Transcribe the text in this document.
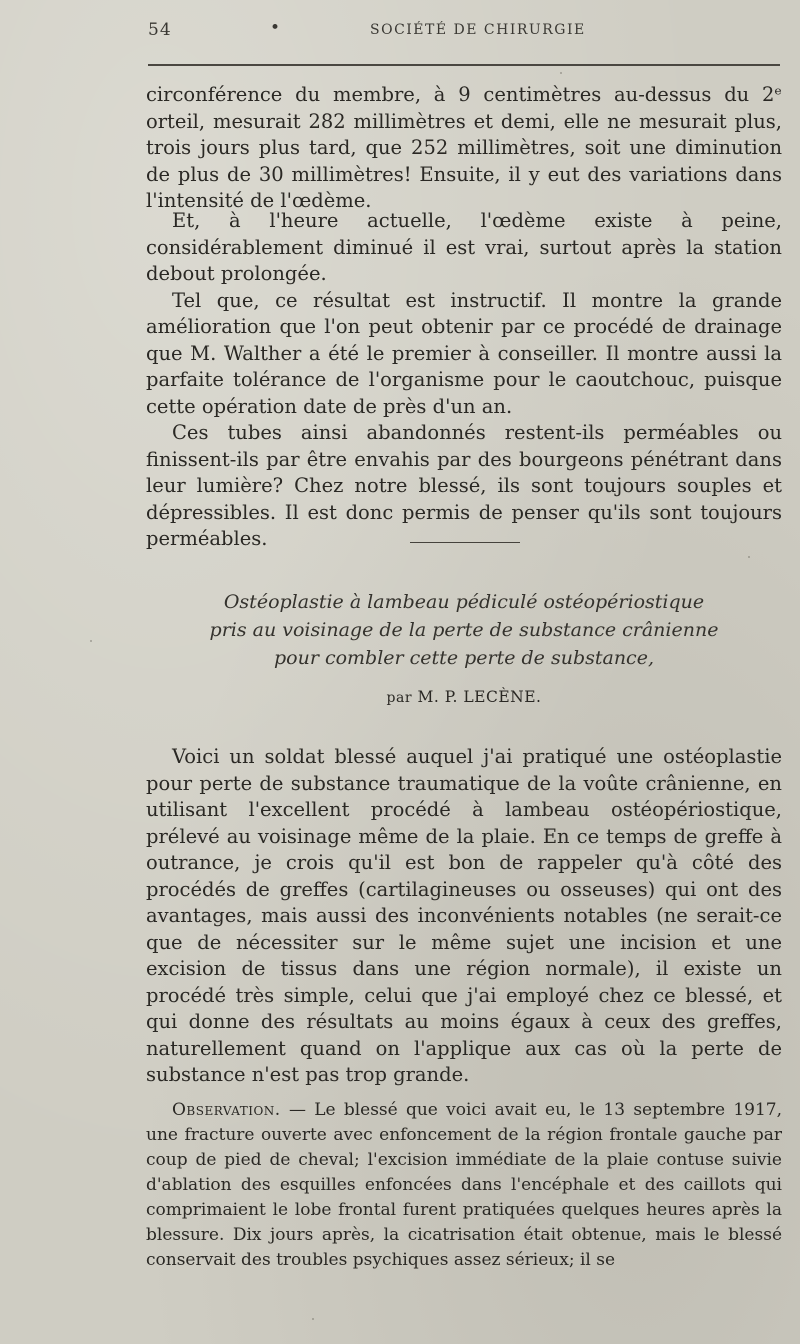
54	•	SOCIÉTÉ DE CHIRURGIE

circonférence du membre, à 9 centimètres au-dessus du 2ᵉ orteil, mesurait 282 millimètres et demi, elle ne mesurait plus, trois jours plus tard, que 252 millimètres, soit une diminution de plus de 30 millimètres! Ensuite, il y eut des variations dans l'intensité de l'œdème.

Et, à l'heure actuelle, l'œdème existe à peine, considérablement diminué il est vrai, surtout après la station debout prolongée.

Tel que, ce résultat est instructif. Il montre la grande amélioration que l'on peut obtenir par ce procédé de drainage que M. Walther a été le premier à conseiller. Il montre aussi la parfaite tolérance de l'organisme pour le caoutchouc, puisque cette opération date de près d'un an.

Ces tubes ainsi abandonnés restent-ils perméables ou finissent-ils par être envahis par des bourgeons pénétrant dans leur lumière? Chez notre blessé, ils sont toujours souples et dépressibles. Il est donc permis de penser qu'ils sont toujours perméables.

Ostéoplastie à lambeau pédiculé ostéopériostique
pris au voisinage de la perte de substance crânienne
pour combler cette perte de substance,
par M. P. LECÈNE.

Voici un soldat blessé auquel j'ai pratiqué une ostéoplastie pour perte de substance traumatique de la voûte crânienne, en utilisant l'excellent procédé à lambeau ostéopériostique, prélevé au voisinage même de la plaie. En ce temps de greffe à outrance, je crois qu'il est bon de rappeler qu'à côté des procédés de greffes (cartilagineuses ou osseuses) qui ont des avantages, mais aussi des inconvénients notables (ne serait-ce que de nécessiter sur le même sujet une incision et une excision de tissus dans une région normale), il existe un procédé très simple, celui que j'ai employé chez ce blessé, et qui donne des résultats au moins égaux à ceux des greffes, naturellement quand on l'applique aux cas où la perte de substance n'est pas trop grande.

Observation. — Le blessé que voici avait eu, le 13 septembre 1917, une fracture ouverte avec enfoncement de la région frontale gauche par coup de pied de cheval; l'excision immédiate de la plaie contuse suivie d'ablation des esquilles enfoncées dans l'encéphale et des caillots qui comprimaient le lobe frontal furent pratiquées quelques heures après la blessure. Dix jours après, la cicatrisation était obtenue, mais le blessé conservait des troubles psychiques assez sérieux; il se
